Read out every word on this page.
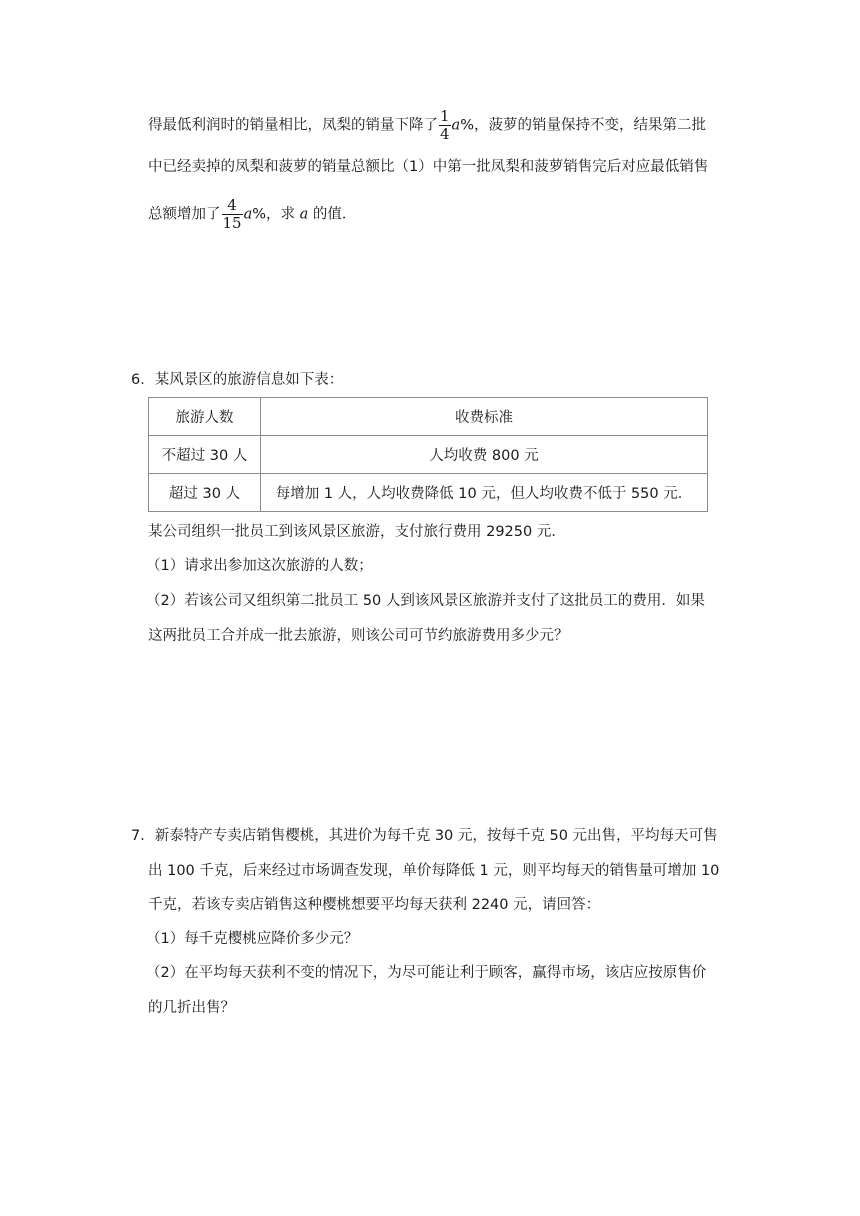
得最低利润时的销量相比，凤梨的销量下降了 $\frac{1}{4} a\%$，菠萝的销量保持不变，结果第二批
中已经卖掉的凤梨和菠萝的销量总额比（1）中第一批凤梨和菠萝销售完后对应最低销售
总额增加了 $\frac{4}{15} a\%$，求 a 的值．
6．某风景区的旅游信息如下表：
旅游人数	收费标准
不超过 30 人	人均收费 800 元
超过 30 人	每增加 1 人，人均收费降低 10 元，但人均收费不低于 550 元．
某公司组织一批员工到该风景区旅游，支付旅行费用 29250 元．
（1）请求出参加这次旅游的人数；
（2）若该公司又组织第二批员工 50 人到该风景区旅游并支付了这批员工的费用．如果
这两批员工合并成一批去旅游，则该公司可节约旅游费用多少元？
7．新泰特产专卖店销售樱桃，其进价为每千克 30 元，按每千克 50 元出售，平均每天可售
出 100 千克，后来经过市场调查发现，单价每降低 1 元，则平均每天的销售量可增加 10
千克，若该专卖店销售这种樱桃想要平均每天获利 2240 元，请回答：
（1）每千克樱桃应降价多少元？
（2）在平均每天获利不变的情况下，为尽可能让利于顾客，赢得市场，该店应按原售价
的几折出售？
